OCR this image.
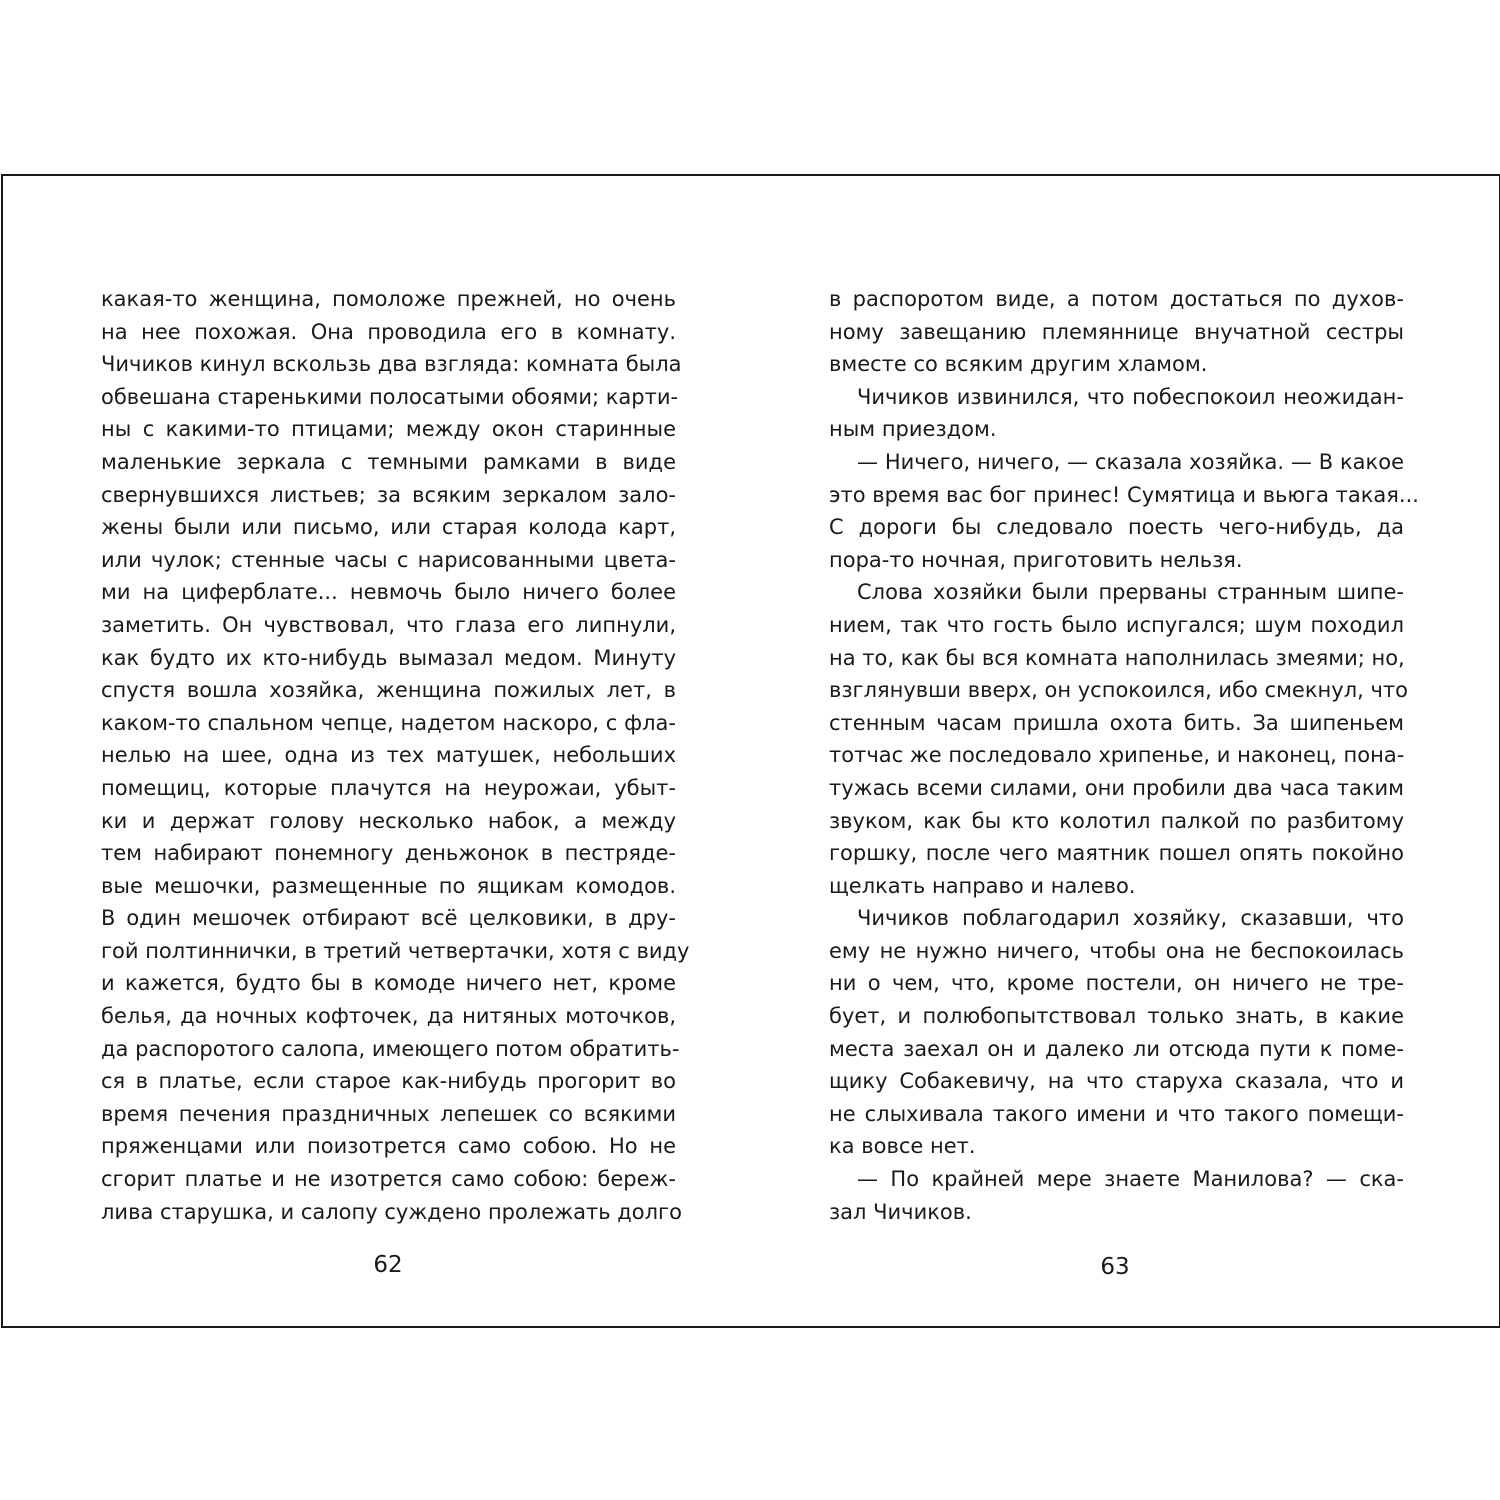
какая-то женщина, помоложе прежней, но очень
на нее похожая. Она проводила его в комнату.
Чичиков кинул вскользь два взгляда: комната была
обвешана старенькими полосатыми обоями; карти-
ны с какими-то птицами; между окон старинные
маленькие зеркала с темными рамками в виде
свернувшихся листьев; за всяким зеркалом зало-
жены были или письмо, или старая колода карт,
или чулок; стенные часы с нарисованными цвета-
ми на циферблате... невмочь было ничего более
заметить. Он чувствовал, что глаза его липнули,
как будто их кто-нибудь вымазал медом. Минуту
спустя вошла хозяйка, женщина пожилых лет, в
каком-то спальном чепце, надетом наскоро, с фла-
нелью на шее, одна из тех матушек, небольших
помещиц, которые плачутся на неурожаи, убыт-
ки и держат голову несколько набок, а между
тем набирают понемногу деньжонок в пестряде-
вые мешочки, размещенные по ящикам комодов.
В один мешочек отбирают всё целковики, в дру-
гой полтиннички, в третий четвертачки, хотя с виду
и кажется, будто бы в комоде ничего нет, кроме
белья, да ночных кофточек, да нитяных моточков,
да распоротого салопа, имеющего потом обратить-
ся в платье, если старое как-нибудь прогорит во
время печения праздничных лепешек со всякими
пряженцами или поизотрется само собою. Но не
сгорит платье и не изотрется само собою: береж-
лива старушка, и салопу суждено пролежать долго
62
в распоротом виде, а потом достаться по духов-
ному завещанию племяннице внучатной сестры
вместе со всяким другим хламом.
Чичиков извинился, что побеспокоил неожидан-
ным приездом.
— Ничего, ничего, — сказала хозяйка. — В какое
это время вас бог принес! Сумятица и вьюга такая...
С дороги бы следовало поесть чего-нибудь, да
пора-то ночная, приготовить нельзя.
Слова хозяйки были прерваны странным шипе-
нием, так что гость было испугался; шум походил
на то, как бы вся комната наполнилась змеями; но,
взглянувши вверх, он успокоился, ибо смекнул, что
стенным часам пришла охота бить. За шипеньем
тотчас же последовало хрипенье, и наконец, пона-
тужась всеми силами, они пробили два часа таким
звуком, как бы кто колотил палкой по разбитому
горшку, после чего маятник пошел опять покойно
щелкать направо и налево.
Чичиков поблагодарил хозяйку, сказавши, что
ему не нужно ничего, чтобы она не беспокоилась
ни о чем, что, кроме постели, он ничего не тре-
бует, и полюбопытствовал только знать, в какие
места заехал он и далеко ли отсюда пути к поме-
щику Собакевичу, на что старуха сказала, что и
не слыхивала такого имени и что такого помещи-
ка вовсе нет.
— По крайней мере знаете Манилова? — ска-
зал Чичиков.
63
